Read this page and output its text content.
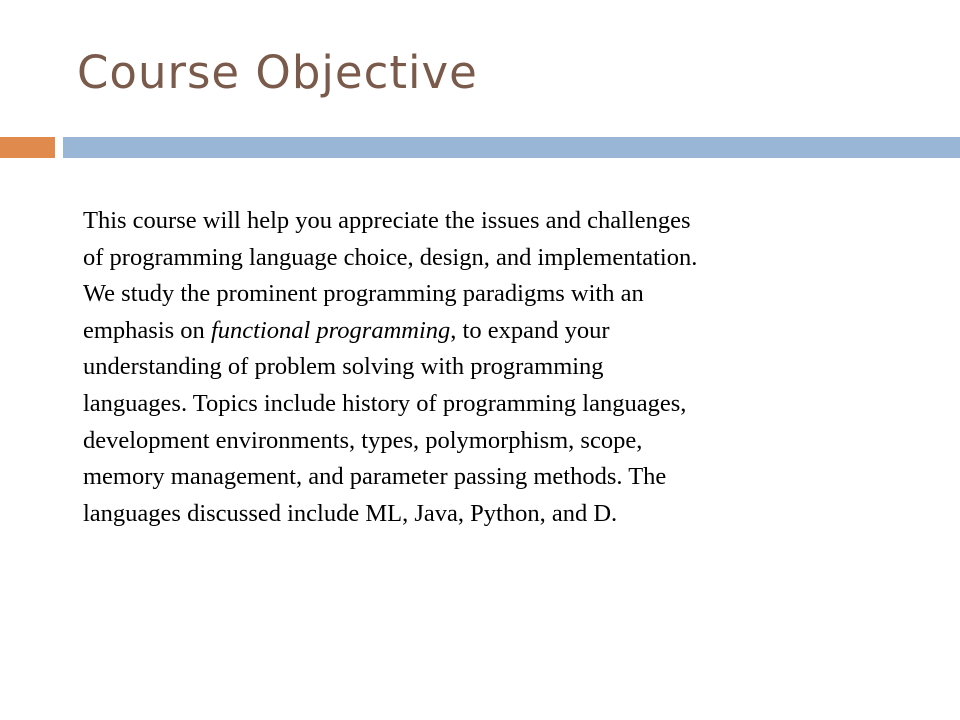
Course Objective

This course will help you appreciate the issues and challenges
of programming language choice, design, and implementation.
We study the prominent programming paradigms with an
emphasis on functional programming, to expand your
understanding of problem solving with programming
languages. Topics include history of programming languages,
development environments, types, polymorphism, scope,
memory management, and parameter passing methods. The
languages discussed include ML, Java, Python, and D.
